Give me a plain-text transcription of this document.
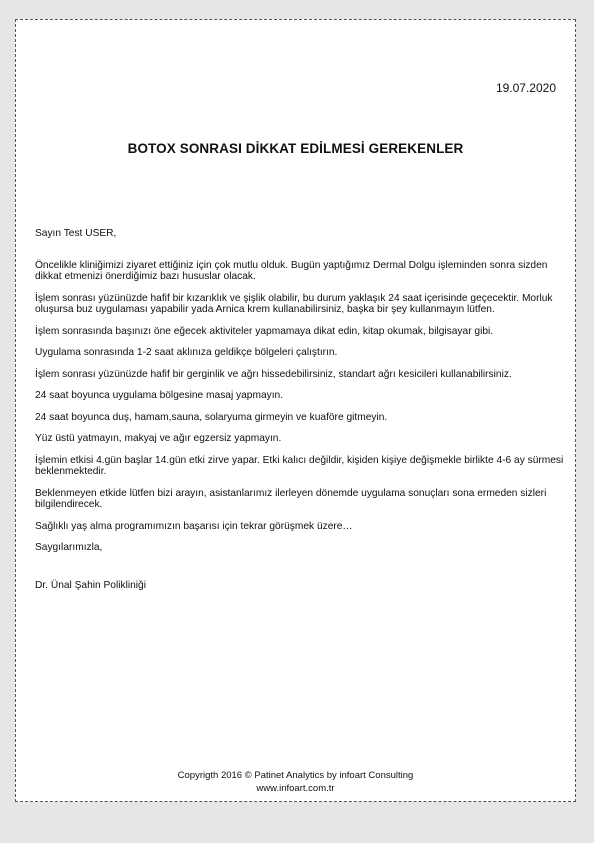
19.07.2020
BOTOX SONRASI DİKKAT EDİLMESİ GEREKENLER

Sayın Test USER,

Öncelikle kliniğimizi ziyaret ettiğiniz için çok mutlu olduk. Bugün yaptığımız Dermal Dolgu işleminden sonra sizden dikkat etmenizi önerdiğimiz bazı hususlar olacak.

İşlem sonrası yüzünüzde hafif bir kızarıklık ve şişlik olabilir, bu durum yaklaşık 24 saat içerisinde geçecektir. Morluk oluşursa buz uygulaması yapabilir yada Arnica krem kullanabilirsiniz, başka bir şey kullanmayın lütfen.

İşlem sonrasında başınızı öne eğecek aktiviteler yapmamaya dikat edin, kitap okumak, bilgisayar gibi.

Uygulama sonrasında 1-2 saat aklınıza geldikçe bölgeleri çalıştırın.

İşlem sonrası yüzünüzde hafif bir gerginlik ve ağrı hissedebilirsiniz, standart ağrı kesicileri kullanabilirsiniz.

24 saat boyunca uygulama bölgesine masaj yapmayın.

24 saat boyunca duş, hamam,sauna, solaryuma girmeyin ve kuaföre gitmeyin.

Yüz üstü yatmayın, makyaj ve ağır egzersiz yapmayın.

İşlemin etkisi 4.gün başlar 14.gün etki zirve yapar. Etki kalıcı değildir, kişiden kişiye değişmekle birlikte 4-6 ay sürmesi beklenmektedir.

Beklenmeyen etkide lütfen bizi arayın, asistanlarımız ilerleyen dönemde uygulama sonuçları sona ermeden sizleri bilgilendirecek.

Sağlıklı yaş alma programımızın başarısı için tekrar görüşmek üzere…

Saygılarımızla,

Dr. Ünal Şahin Polikliniği

Copyrigth 2016 © Patinet Analytics by infoart Consulting
www.infoart.com.tr
